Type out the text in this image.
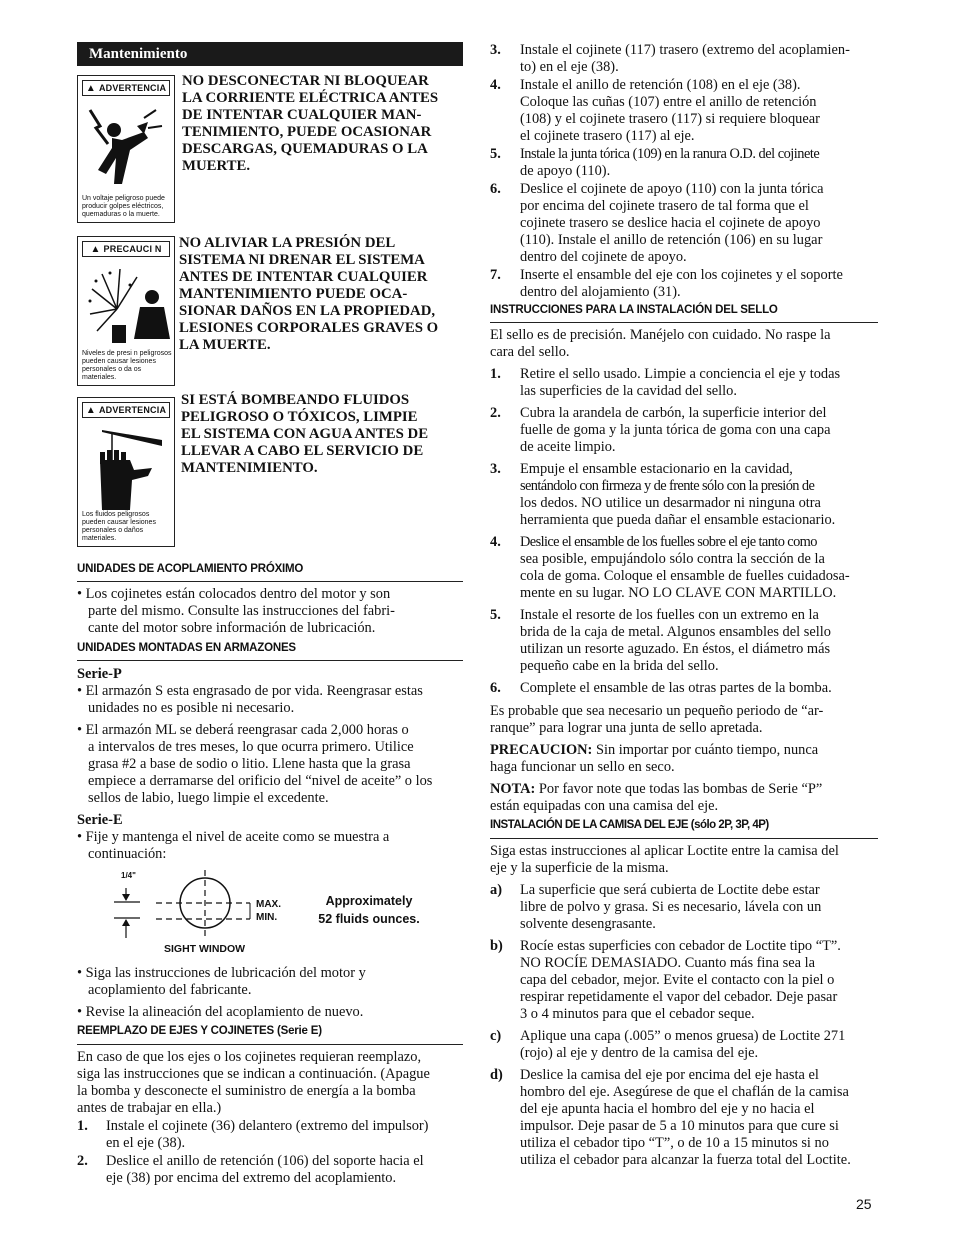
Mantenimiento
▲ ADVERTENCIA
Un voltaje peligroso puede producir golpes eléctricos, quemaduras o la muerte.
NO DESCONECTAR NI BLOQUEAR
LA CORRIENTE ELÉCTRICA ANTES
DE INTENTAR CUALQUIER MAN-
TENIMIENTO, PUEDE OCASIONAR
DESCARGAS, QUEMADURAS O LA
MUERTE.
▲ PRECAUCI N
Niveles de presi n peligrosos pueden causar lesiones personales o da os materiales.
NO ALIVIAR LA PRESIÓN DEL
SISTEMA NI DRENAR EL SISTEMA
ANTES DE INTENTAR CUALQUIER
MANTENIMIENTO PUEDE OCA-
SIONAR DAÑOS EN LA PROPIEDAD,
LESIONES CORPORALES GRAVES O
LA MUERTE.
▲ ADVERTENCIA
Los fluidos peligrosos pueden causar lesiones personales o daños materiales.
SI ESTÁ BOMBEANDO FLUIDOS
PELIGROSO O TÓXICOS, LIMPIE
EL SISTEMA CON AGUA ANTES DE
LLEVAR A CABO EL SERVICIO DE
MANTENIMIENTO.
UNIDADES DE ACOPLAMIENTO PRÓXIMO
• Los cojinetes están colocados dentro del motor y son
parte del mismo. Consulte las instrucciones del fabri-
cante del motor sobre información de lubricación.
UNIDADES MONTADAS EN ARMAZONES
Serie-P
• El armazón S esta engrasado de por vida. Reengrasar estas
unidades no es posible ni necesario.
• El armazón ML se deberá reengrasar cada 2,000 horas o
a intervalos de tres meses, lo que ocurra primero. Utilice
grasa #2 a base de sodio o litio. Llene hasta que la grasa
empiece a derramarse del orificio del “nivel de aceite” o los
sellos de labio, luego limpie el excedente.
Serie-E
• Fije y mantenga el nivel de aceite como se muestra a
continuación:
1/4"
MAX.
MIN.
SIGHT WINDOW
Approximately
52 fluids ounces.
• Siga las instrucciones de lubricación del motor y
acoplamiento del fabricante.
• Revise la alineación del acoplamiento de nuevo.
REEMPLAZO DE EJES Y COJINETES (Serie E)
En caso de que los ejes o los cojinetes requieran reemplazo,
siga las instrucciones que se indican a continuación. (Apague
la bomba y desconecte el suministro de energía a la bomba
antes de trabajar en ella.)
1. Instale el cojinete (36) delantero (extremo del impulsor)
en el eje (38).
2. Deslice el anillo de retención (106) del soporte hacia el
eje (38) por encima del extremo del acoplamiento.
3. Instale el cojinete (117) trasero (extremo del acoplamien-
to) en el eje (38).
4. Instale el anillo de retención (108) en el eje (38).
Coloque las cuñas (107) entre el anillo de retención
(108) y el cojinete trasero (117) si requiere bloquear
el cojinete trasero (117) al eje.
5. Instale la junta tórica (109) en la ranura O.D. del cojinete
de apoyo (110).
6. Deslice el cojinete de apoyo (110) con la junta tórica
por encima del cojinete trasero de tal forma que el
cojinete trasero se deslice hacia el cojinete de apoyo
(110). Instale el anillo de retención (106) en su lugar
dentro del cojinete de apoyo.
7. Inserte el ensamble del eje con los cojinetes y el soporte
dentro del alojamiento (31).
INSTRUCCIONES PARA LA INSTALACIÓN DEL SELLO
El sello es de precisión. Manéjelo con cuidado. No raspe la
cara del sello.
1. Retire el sello usado. Limpie a conciencia el eje y todas
las superficies de la cavidad del sello.
2. Cubra la arandela de carbón, la superficie interior del
fuelle de goma y la junta tórica de goma con una capa
de aceite limpio.
3. Empuje el ensamble estacionario en la cavidad,
sentándolo con firmeza y de frente sólo con la presión de
los dedos. NO utilice un desarmador ni ninguna otra
herramienta que pueda dañar el ensamble estacionario.
4. Deslice el ensamble de los fuelles sobre el eje tanto como
sea posible, empujándolo sólo contra la sección de la
cola de goma. Coloque el ensamble de fuelles cuidadosa-
mente en su lugar. NO LO CLAVE CON MARTILLO.
5. Instale el resorte de los fuelles con un extremo en la
brida de la caja de metal. Algunos ensambles del sello
utilizan un resorte aguzado. En éstos, el diámetro más
pequeño cabe en la brida del sello.
6. Complete el ensamble de las otras partes de la bomba.
Es probable que sea necesario un pequeño periodo de “ar-
ranque” para lograr una junta de sello apretada.
PRECAUCION: Sin importar por cuánto tiempo, nunca
haga funcionar un sello en seco.
NOTA: Por favor note que todas las bombas de Serie “P”
están equipadas con una camisa del eje.
INSTALACIÓN DE LA CAMISA DEL EJE (sólo 2P, 3P, 4P)
Siga estas instrucciones al aplicar Loctite entre la camisa del
eje y la superficie de la misma.
a) La superficie que será cubierta de Loctite debe estar
libre de polvo y grasa. Si es necesario, lávela con un
solvente desengrasante.
b) Rocíe estas superficies con cebador de Loctite tipo “T”.
NO ROCÍE DEMASIADO. Cuanto más fina sea la
capa del cebador, mejor. Evite el contacto con la piel o
respirar repetidamente el vapor del cebador. Deje pasar
3 o 4 minutos para que el cebador seque.
c) Aplique una capa (.005” o menos gruesa) de Loctite 271
(rojo) al eje y dentro de la camisa del eje.
d) Deslice la camisa del eje por encima del eje hasta el
hombro del eje. Asegúrese de que el chaflán de la camisa
del eje apunta hacia el hombro del eje y no hacia el
impulsor. Deje pasar de 5 a 10 minutos para que cure si
utiliza el cebador tipo “T”, o de 10 a 15 minutos si no
utiliza el cebador para alcanzar la fuerza total del Loctite.
25
